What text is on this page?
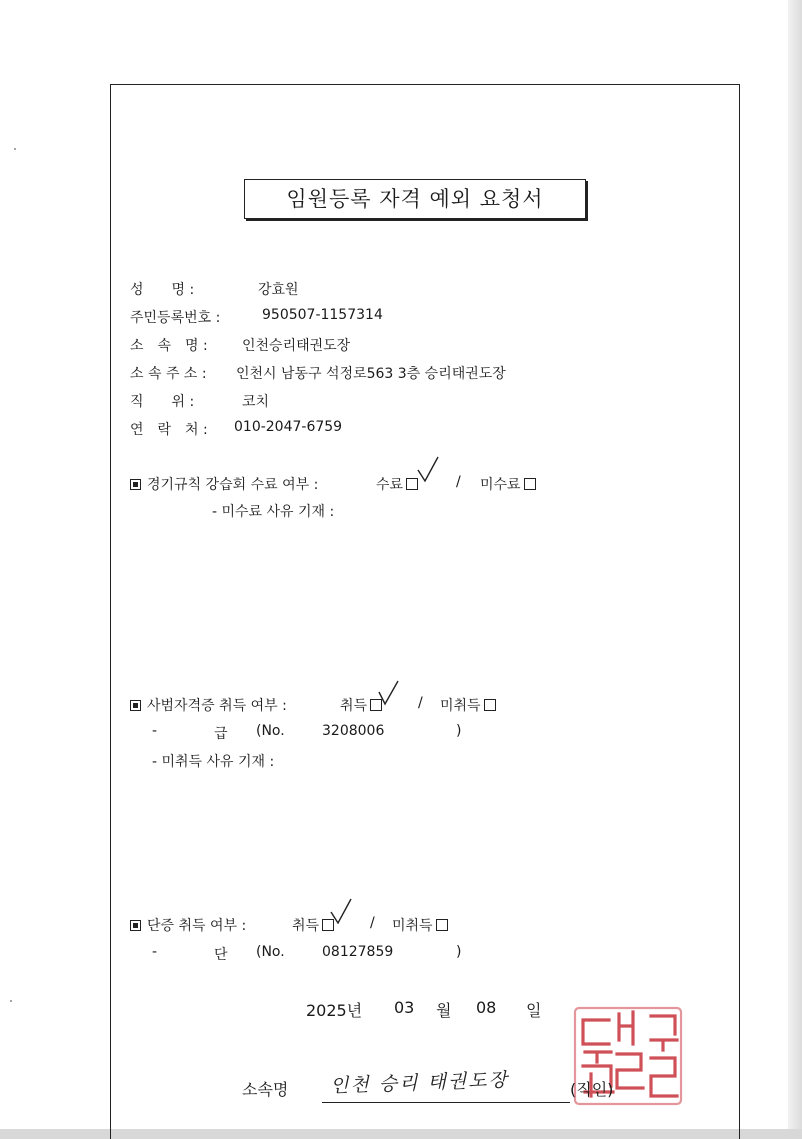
임원등록 자격 예외 요청서
성　　명 :	강효원
주민등록번호 :	950507-1157314
소　속　명 : 인천승리태권도장
소 속 주 소 : 인천시 남동구 석정로563 3층 승리태권도장
직　　위 :	코치
연　락　처 : 010-2047-6759
경기규칙 강습회 수료 여부 :	수료	/ 미수료
- 미수료 사유 기재 :
사범자격증 취득 여부 :	취득	/ 미취득
-	급 (No.	3208006	)
- 미취득 사유 기재 :
단증 취득 여부 :	취득	/ 미취득
-	단 (No.	08127859	)
2025년 03 월 08 일
소속명 인천 승리 태권도장	(직인)
